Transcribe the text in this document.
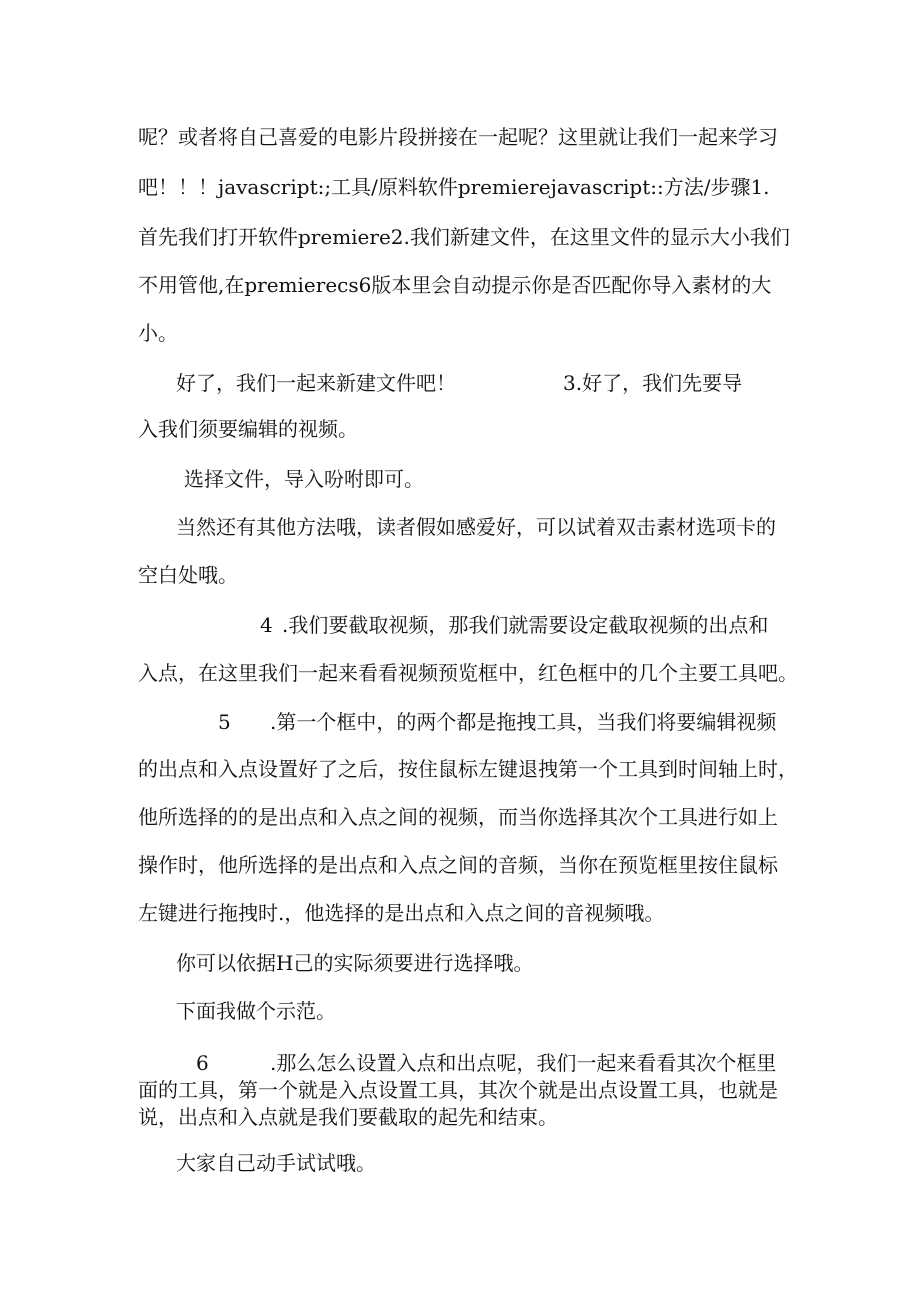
呢？或者将自己喜爱的电影片段拼接在一起呢？这里就让我们一起来学习
吧！！！javascript:;工具/原料软件premierejavascript::方法/步骤1.
首先我们打开软件premiere2.我们新建文件，在这里文件的显示大小我们
不用管他,在premierecs6版本里会自动提示你是否匹配你导入素材的大
小。
好了，我们一起来新建文件吧！	3.好了，我们先要导
入我们须要编辑的视频。
选择文件，导入吩咐即可。
当然还有其他方法哦，读者假如感爱好，可以试着双击素材选项卡的
空白处哦。
4 .我们要截取视频，那我们就需要设定截取视频的出点和
入点，在这里我们一起来看看视频预览框中，红色框中的几个主要工具吧。
5 .第一个框中，的两个都是拖拽工具，当我们将要编辑视频
的出点和入点设置好了之后，按住鼠标左键退拽第一个工具到时间轴上时，
他所选择的的是出点和入点之间的视频，而当你选择其次个工具进行如上
操作时，他所选择的是出点和入点之间的音频，当你在预览框里按住鼠标
左键进行拖拽时.，他选择的是出点和入点之间的音视频哦。
你可以依据H己的实际须要进行选择哦。
下面我做个示范。
6	.那么怎么设置入点和出点呢，我们一起来看看其次个框里
面的工具，第一个就是入点设置工具，其次个就是出点设置工具，也就是
说，出点和入点就是我们要截取的起先和结束。
大家自己动手试试哦。
